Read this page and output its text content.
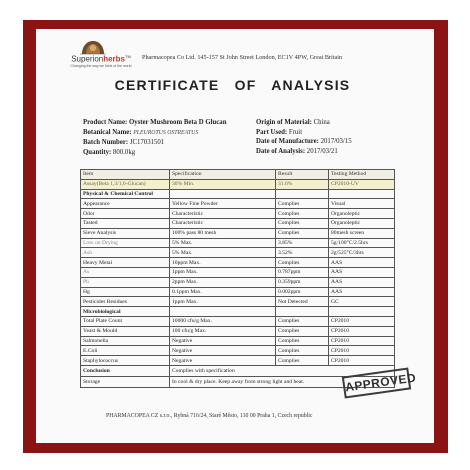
Superionherbs™
Changing the way we think of the world
Pharmacopea Co Ltd. 145-157 St John Street London, EC1V 4PW, Great Britain
CERTIFICATE   OF   ANALYSIS
Product Name: Oyster Mushroom Beta D Glucan
Botanical Name: PLEUROTUS OSTREATUS
Batch Number: JC17031501
Quantity: 800.0kg
Origin of Material: China
Part Used: Fruit
Date of Manufacture: 2017/03/15
Date of Analysis: 2017/03/21
Item	Specification	Result	Testing Method
Assay(Beta 1,3/1,6-Glucan)	30% Min.	31.6%	CP2010-UV
Physical & Chemical Control			
Appearance	Yellow Fine Powder	Complies	Visual
Odor	Characteristic	Complies	Organoleptic
Tasted	Characteristic	Complies	Organoleptic
Sieve Analysis	100% pass 80 mesh	Complies	80mesh screen
Loss on Drying	5% Max.	3.85%	5g/100°C/2.5hrs
Ash	5% Max.	3.52%	2g/525°C/3hrs
Heavy Metal	10ppm Max.	Complies	AAS
As	1ppm Max.	0.787ppm	AAS
Pb	2ppm Max.	0.359ppm	AAS
Hg	0.1ppm Max.	0.002ppm	AAS
Pesticides Residues	1ppm Max.	Not Detected	GC
Microbiological			
Total Plate Count	10000 cfu/g Max.	Complies	CP2010
Yeast & Mould	100 cfu/g Max.	Complies	CP2010
Salmonella	Negative	Complies	CP2010
E.Coli	Negative	Complies	CP2010
Staphylococcus	Negative	Complies	CP2010
Conclusion	Complies with specification		
Storage	In cool & dry place. Keep away from strong light and heat.			APPROVED
PHARMACOPEA CZ s.r.o., Rybná 716/24, Staré Město, 110 00 Praha 1, Czech republic
